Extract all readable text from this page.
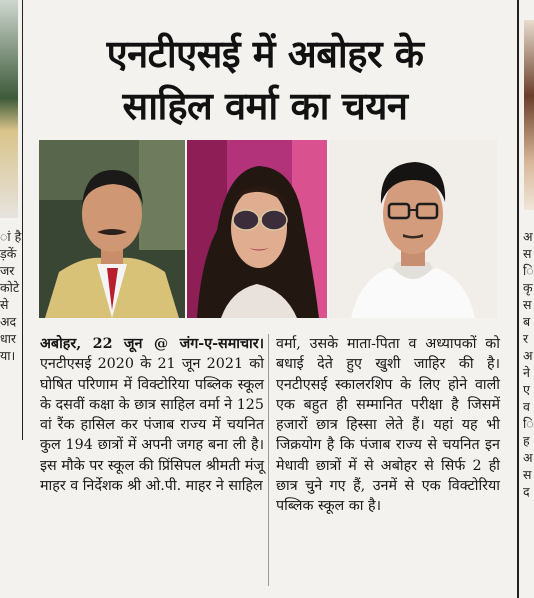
ां है
ड़कें
जर
कोटे
से
अद
धार
या।
अ
स
ि
कृ
स
ब
र
अ
ने
ए
व
ि
ह
अ
स
द
एनटीएसई में अबोहर के
साहिल वर्मा का चयन
अबोहर, 22 जून @ जंग-ए-समाचार। एनटीएसई 2020 के 21 जून 2021 को घोषित परिणाम में विक्टोरिया पब्लिक स्कूल के दसवीं कक्षा के छात्र साहिल वर्मा ने 125 वां रैंक हासिल कर पंजाब राज्य में चयनित कुल 194 छात्रों में अपनी जगह बना ली है। इस मौके पर स्कूल की प्रिंसिपल श्रीमती मंजू माहर व निर्देशक श्री ओ.पी. माहर ने साहिल
वर्मा, उसके माता-पिता व अध्यापकों को बधाई देते हुए खुशी जाहिर की है। एनटीएसई स्कालरशिप के लिए होने वाली एक बहुत ही सम्मानित परीक्षा है जिसमें हजारों छात्र हिस्सा लेते हैं। यहां यह भी जिक्रयोग है कि पंजाब राज्य से चयनित इन मेधावी छात्रों में से अबोहर से सिर्फ 2 ही छात्र चुने गए हैं, उनमें से एक विक्टोरिया पब्लिक स्कूल का है।
